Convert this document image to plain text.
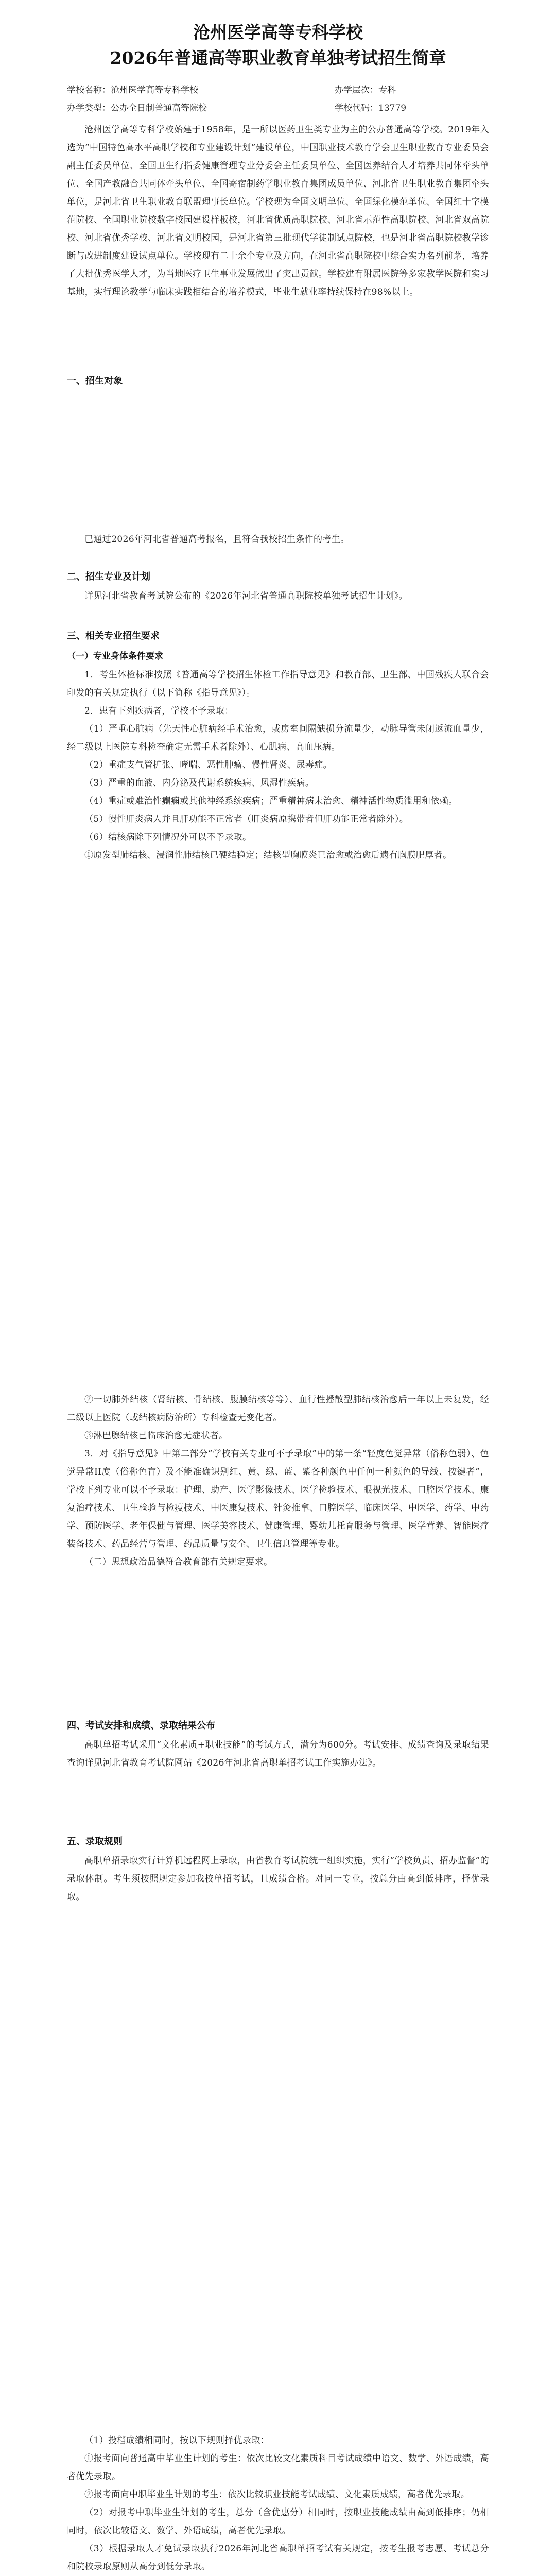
沧州医学高等专科学校
2026年普通高等职业教育单独考试招生简章
学校名称：沧州医学高等专科学校	办学层次：专科
办学类型：公办全日制普通高等院校	学校代码：13779

沧州医学高等专科学校始建于1958年，是一所以医药卫生类专业为主的公办普通高等学校。2019年入选为“中国特色高水平高职学校和专业建设计划”建设单位，中国职业技术教育学会卫生职业教育专业委员会副主任委员单位、全国卫生行指委健康管理专业分委会主任委员单位、全国医养结合人才培养共同体牵头单位、全国产教融合共同体牵头单位、全国寄宿制药学职业教育集团成员单位、河北省卫生职业教育集团牵头单位，是河北省卫生职业教育联盟理事长单位。学校现为全国文明单位、全国绿化模范单位、全国红十字模范院校、全国职业院校数字校园建设样板校，河北省优质高职院校、河北省示范性高职院校、河北省双高院校、河北省优秀学校、河北省文明校园，是河北省第三批现代学徒制试点院校，也是河北省高职院校教学诊断与改进制度建设试点单位。学校现有二十余个专业及方向，在河北省高职院校中综合实力名列前茅，培养了大批优秀医学人才，为当地医疗卫生事业发展做出了突出贡献。学校建有附属医院等多家教学医院和实习基地，实行理论教学与临床实践相结合的培养模式，毕业生就业率持续保持在98%以上。

一、招生对象

已通过2026年河北省普通高考报名，且符合我校招生条件的考生。

二、招生专业及计划

详见河北省教育考试院公布的《2026年河北省普通高职院校单独考试招生计划》。

三、相关专业招生要求
（一）专业身体条件要求

1．考生体检标准按照《普通高等学校招生体检工作指导意见》和教育部、卫生部、中国残疾人联合会印发的有关规定执行（以下简称《指导意见》）。

2．患有下列疾病者，学校不予录取：

（1）严重心脏病（先天性心脏病经手术治愈，或房室间隔缺损分流量少，动脉导管未闭返流血量少，经二级以上医院专科检查确定无需手术者除外）、心肌病、高血压病。

（2）重症支气管扩张、哮喘、恶性肿瘤、慢性肾炎、尿毒症。

（3）严重的血液、内分泌及代谢系统疾病、风湿性疾病。

（4）重症或难治性癫痫或其他神经系统疾病；严重精神病未治愈、精神活性物质滥用和依赖。

（5）慢性肝炎病人并且肝功能不正常者（肝炎病原携带者但肝功能正常者除外）。

（6）结核病除下列情况外可以不予录取。

①原发型肺结核、浸润性肺结核已硬结稳定；结核型胸膜炎已治愈或治愈后遗有胸膜肥厚者。

②一切肺外结核（肾结核、骨结核、腹膜结核等等）、血行性播散型肺结核治愈后一年以上未复发，经二级以上医院（或结核病防治所）专科检查无变化者。

③淋巴腺结核已临床治愈无症状者。

3．对《指导意见》中第二部分“学校有关专业可不予录取”中的第一条“轻度色觉异常（俗称色弱）、色觉异常II度（俗称色盲）及不能准确识别红、黄、绿、蓝、紫各种颜色中任何一种颜色的导线、按键者”，学校下列专业可以不予录取：护理、助产、医学影像技术、医学检验技术、眼视光技术、口腔医学技术、康复治疗技术、卫生检验与检疫技术、中医康复技术、针灸推拿、口腔医学、临床医学、中医学、药学、中药学、预防医学、老年保健与管理、医学美容技术、健康管理、婴幼儿托育服务与管理、医学营养、智能医疗装备技术、药品经营与管理、药品质量与安全、卫生信息管理等专业。

（二）思想政治品德符合教育部有关规定要求。

四、考试安排和成绩、录取结果公布

高职单招考试采用“文化素质+职业技能”的考试方式，满分为600分。考试安排、成绩查询及录取结果查询详见河北省教育考试院网站《2026年河北省高职单招考试工作实施办法》。

五、录取规则

高职单招录取实行计算机远程网上录取，由省教育考试院统一组织实施，实行“学校负责、招办监督”的录取体制。考生须按照规定参加我校单招考试，且成绩合格。对同一专业，按总分由高到低排序，择优录取。

（1）投档成绩相同时，按以下规则择优录取：

①报考面向普通高中毕业生计划的考生：依次比较文化素质科目考试成绩中语文、数学、外语成绩，高者优先录取。

②报考面向中职毕业生计划的考生：依次比较职业技能考试成绩、文化素质成绩，高者优先录取。

（2）对报考中职毕业生计划的考生，总分（含优惠分）相同时，按职业技能成绩由高到低排序；仍相同时，依次比较语文、数学、外语成绩，高者优先录取。

（3）根据录取人才免试录取执行2026年河北省高职单招考试有关规定，按考生报考志愿、考试总分和院校录取原则从高分到低分录取。
